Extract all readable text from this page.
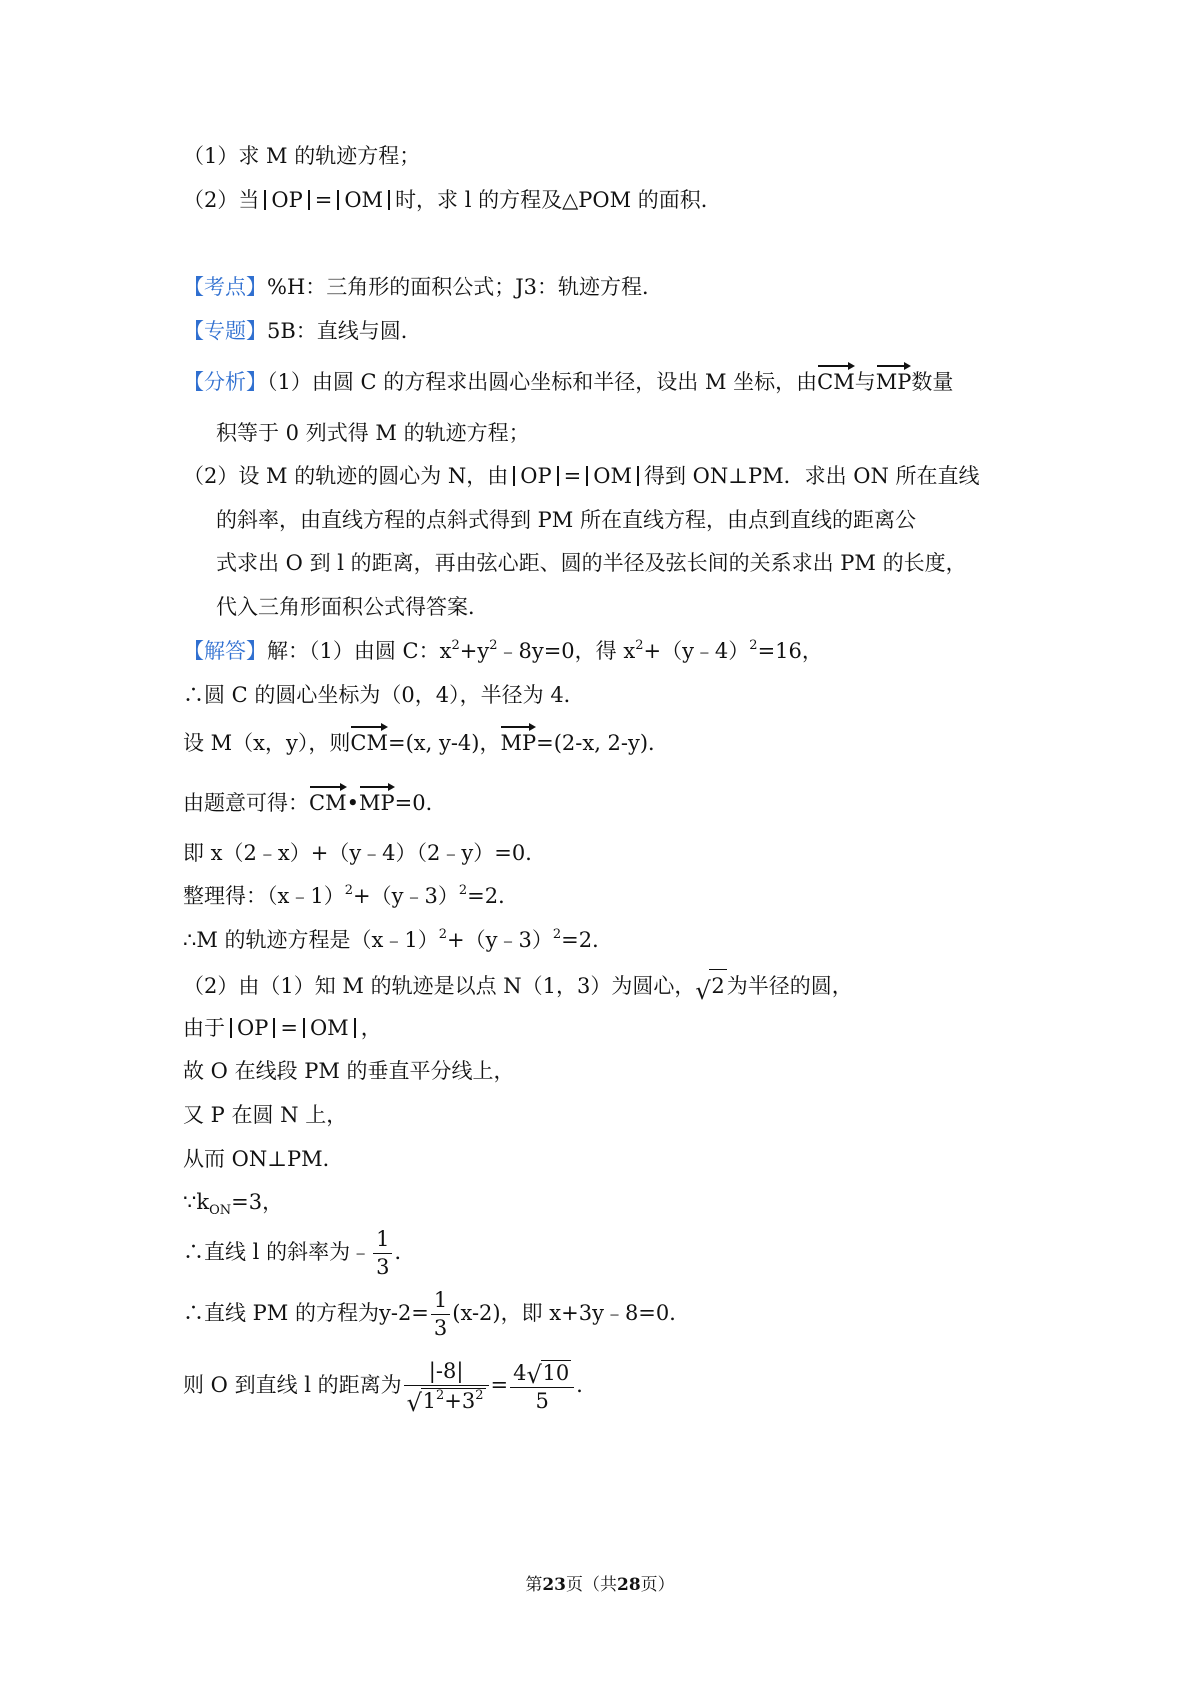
（1）求 M 的轨迹方程；
（2）当 OP = OM 时，求 l 的方程及△POM 的面积．
【考点】%H：三角形的面积公式；J3：轨迹方程．
【专题】5B：直线与圆．
【分析】（1）由圆 C 的方程求出圆心坐标和半径，设出 M 坐标，由CM与MP数量
积等于 0 列式得 M 的轨迹方程；
（2）设 M 的轨迹的圆心为 N，由 OP = OM 得到 ON⊥PM．求出 ON 所在直线
的斜率，由直线方程的点斜式得到 PM 所在直线方程，由点到直线的距离公
式求出 O 到 l 的距离，再由弦心距、圆的半径及弦长间的关系求出 PM 的长度，
代入三角形面积公式得答案．
【解答】解：（1）由圆 C：$x^2+y^2﹣8y=0$，得 $x^2+(y﹣4)^2=16$，
∴圆 C 的圆心坐标为（0，4），半径为 4．
设 M（x，y），则CM=(x, y-4)，MP=(2-x, 2-y)．
由题意可得：CM•MP=0．
即 x（2﹣x）+（y﹣4）（2﹣y）=0．
整理得：（x﹣1）$^2$+（y﹣3）$^2$=2．
∴M 的轨迹方程是（x﹣1）$^2$+（y﹣3）$^2$=2．
（2）由（1）知 M 的轨迹是以点 N（1，3）为圆心， √ 2为半径的圆，
由于 OP = OM ，
故 O 在线段 PM 的垂直平分线上，
又 P 在圆 N 上，
从而 ON⊥PM．
$\because k_{ON}=3$，
∴直线 l 的斜率为﹣ $\frac{1}{3}$ ．
∴直线 PM 的方程为$y-2= \frac{1}{3} (x-2)$，即 x+3y﹣8=0．
则 O 到直线 l 的距离为 $\frac{|-8|}{√ 1^2+3^2} = \frac{4 √ 10}{5}$ ．
第23页（共28页）
